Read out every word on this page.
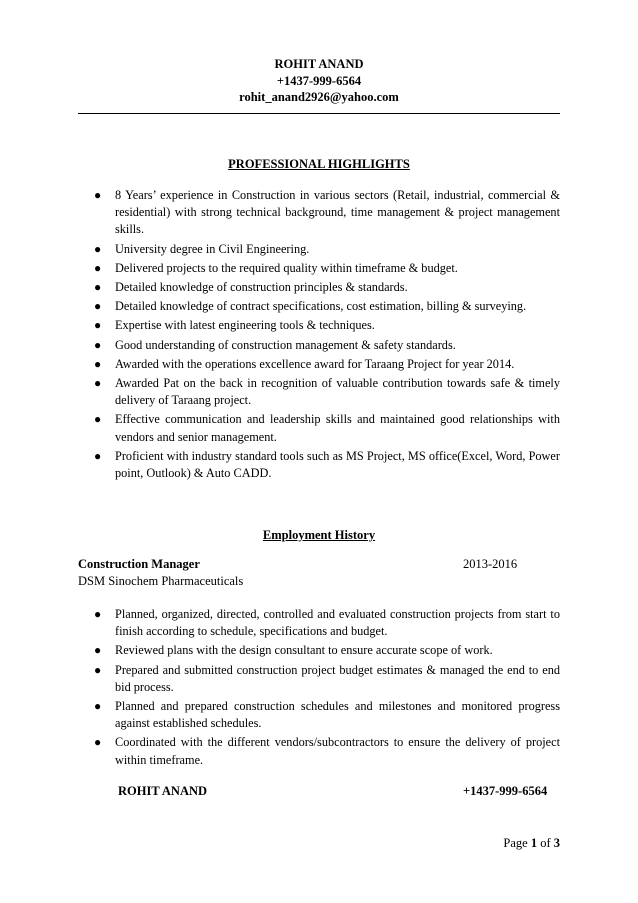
ROHIT ANAND
+1437-999-6564
rohit_anand2926@yahoo.com
PROFESSIONAL HIGHLIGHTS
● 8 Years’ experience in Construction in various sectors (Retail, industrial, commercial & residential) with strong technical background, time management & project management skills.
● University degree in Civil Engineering.
● Delivered projects to the required quality within timeframe & budget.
● Detailed knowledge of construction principles & standards.
● Detailed knowledge of contract specifications, cost estimation, billing & surveying.
● Expertise with latest engineering tools & techniques.
● Good understanding of construction management & safety standards.
● Awarded with the operations excellence award for Taraang Project for year 2014.
● Awarded Pat on the back in recognition of valuable contribution towards safe & timely delivery of Taraang project.
● Effective communication and leadership skills and maintained good relationships with vendors and senior management.
● Proficient with industry standard tools such as MS Project, MS office(Excel, Word, Power point, Outlook) & Auto CADD.
Employment History
Construction Manager	2013-2016
DSM Sinochem Pharmaceuticals
● Planned, organized, directed, controlled and evaluated construction projects from start to finish according to schedule, specifications and budget.
● Reviewed plans with the design consultant to ensure accurate scope of work.
● Prepared and submitted construction project budget estimates & managed the end to end bid process.
● Planned and prepared construction schedules and milestones and monitored progress against established schedules.
● Coordinated with the different vendors/subcontractors to ensure the delivery of project within timeframe.
ROHIT ANAND	+1437-999-6564
Page 1 of 3
